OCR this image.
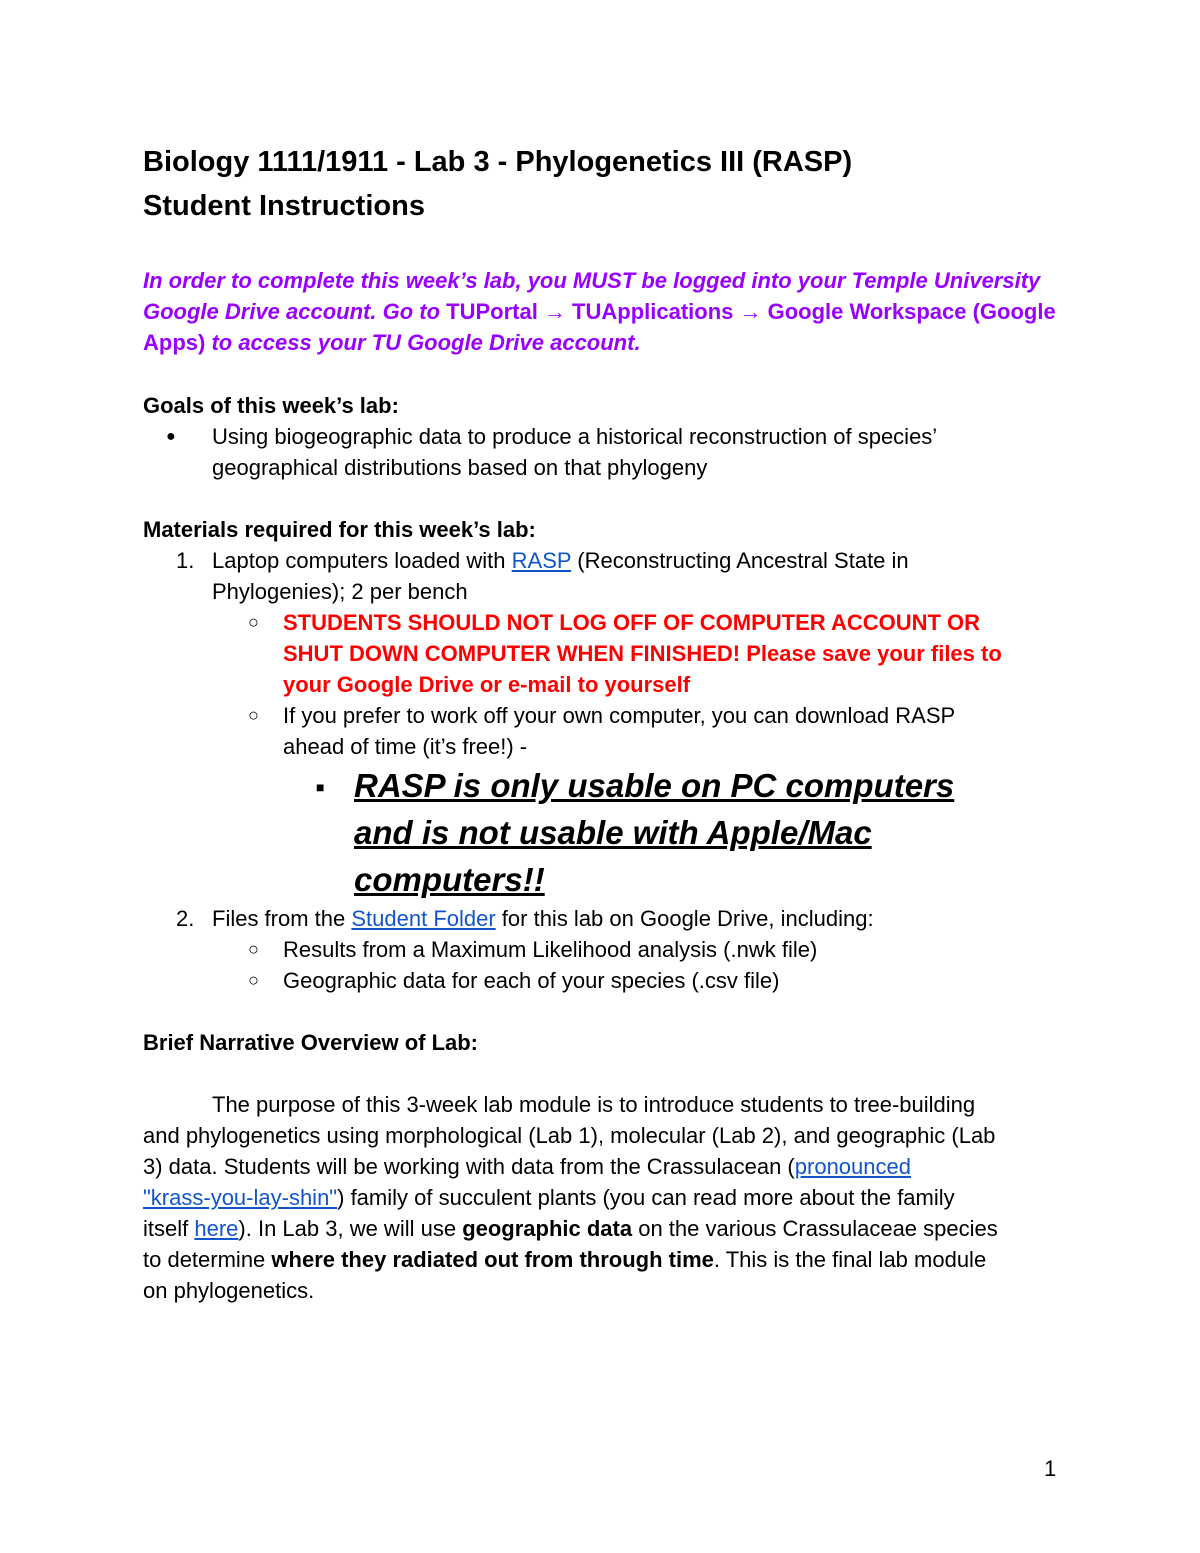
Biology 1111/1911 - Lab 3 - Phylogenetics III (RASP)
Student Instructions

In order to complete this week’s lab, you MUST be logged into your Temple University Google Drive account. Go to TUPortal → TUApplications → Google Workspace (Google Apps) to access your TU Google Drive account.

Goals of this week’s lab:
● Using biogeographic data to produce a historical reconstruction of species’
geographical distributions based on that phylogeny
Materials required for this week’s lab:
1. Laptop computers loaded with RASP (Reconstructing Ancestral State in
Phylogenies); 2 per bench
○ STUDENTS SHOULD NOT LOG OFF OF COMPUTER ACCOUNT OR
SHUT DOWN COMPUTER WHEN FINISHED! Please save your files to
your Google Drive or e-mail to yourself
○ If you prefer to work off your own computer, you can download RASP
ahead of time (it’s free!) -
■ RASP is only usable on PC computers
and is not usable with Apple/Mac
computers!!
2. Files from the Student Folder for this lab on Google Drive, including:
○ Results from a Maximum Likelihood analysis (.nwk file)
○ Geographic data for each of your species (.csv file)
Brief Narrative Overview of Lab:
The purpose of this 3-week lab module is to introduce students to tree-building
and phylogenetics using morphological (Lab 1), molecular (Lab 2), and geographic (Lab
3) data. Students will be working with data from the Crassulacean (pronounced
"krass-you-lay-shin") family of succulent plants (you can read more about the family
itself here). In Lab 3, we will use geographic data on the various Crassulaceae species
to determine where they radiated out from through time. This is the final lab module
on phylogenetics.
1
